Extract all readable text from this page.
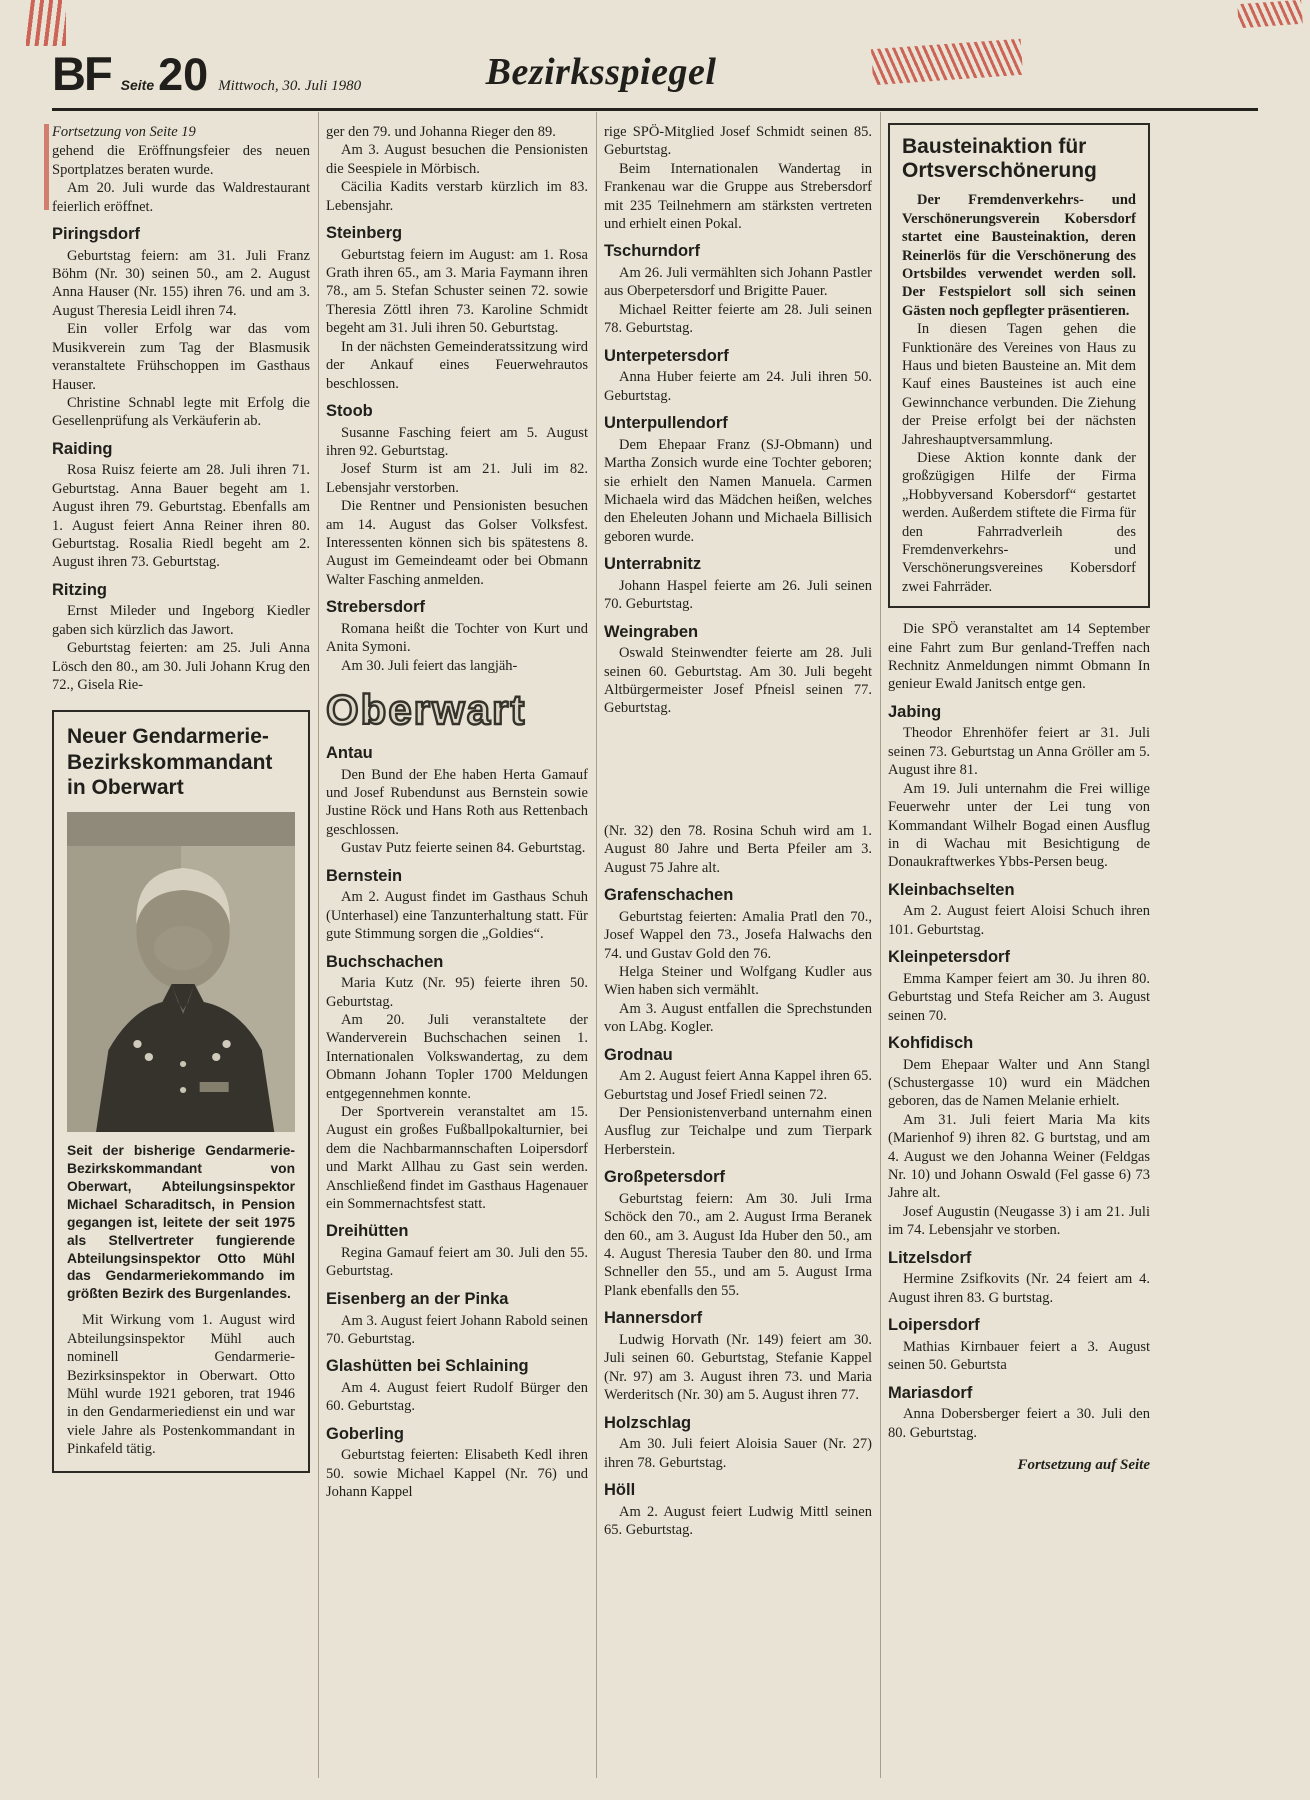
BF Seite 20 Mittwoch, 30. Juli 1980	Bezirksspiegel

Fortsetzung von Seite 19

gehend die Eröffnungsfeier des neuen Sportplatzes beraten wurde.

Am 20. Juli wurde das Waldrestaurant feierlich eröffnet.

Piringsdorf

Geburtstag feiern: am 31. Juli Franz Böhm (Nr. 30) seinen 50., am 2. August Anna Hauser (Nr. 155) ihren 76. und am 3. August Theresia Leidl ihren 74.

Ein voller Erfolg war das vom Musikverein zum Tag der Blasmusik veranstaltete Frühschoppen im Gasthaus Hauser.

Christine Schnabl legte mit Erfolg die Gesellenprüfung als Verkäuferin ab.

Raiding

Rosa Ruisz feierte am 28. Juli ihren 71. Geburtstag. Anna Bauer begeht am 1. August ihren 79. Geburtstag. Ebenfalls am 1. August feiert Anna Reiner ihren 80. Geburtstag. Rosalia Riedl begeht am 2. August ihren 73. Geburtstag.

Ritzing

Ernst Mileder und Ingeborg Kiedler gaben sich kürzlich das Jawort.

Geburtstag feierten: am 25. Juli Anna Lösch den 80., am 30. Juli Johann Krug den 72., Gisela Rie-

Neuer Gendarmerie-
Bezirkskommandant
in Oberwart

Seit der bisherige Gendarmerie-Bezirkskommandant von Oberwart, Abteilungsinspektor Michael Scharaditsch, in Pension gegangen ist, leitete der seit 1975 als Stellvertreter fungierende Abteilungsinspektor Otto Mühl das Gendarmeriekommando im größten Bezirk des Burgenlandes.

Mit Wirkung vom 1. August wird Abteilungsinspektor Mühl auch nominell Gendarmerie-Bezirksinspektor in Oberwart. Otto Mühl wurde 1921 geboren, trat 1946 in den Gendarmeriedienst ein und war viele Jahre als Postenkommandant in Pinkafeld tätig.

ger den 79. und Johanna Rieger den 89.

Am 3. August besuchen die Pensionisten die Seespiele in Mörbisch.

Cäcilia Kadits verstarb kürzlich im 83. Lebensjahr.

Steinberg

Geburtstag feiern im August: am 1. Rosa Grath ihren 65., am 3. Maria Faymann ihren 78., am 5. Stefan Schuster seinen 72. sowie Theresia Zöttl ihren 73. Karoline Schmidt begeht am 31. Juli ihren 50. Geburtstag.

In der nächsten Gemeinderatssitzung wird der Ankauf eines Feuerwehrautos beschlossen.

Stoob

Susanne Fasching feiert am 5. August ihren 92. Geburtstag.

Josef Sturm ist am 21. Juli im 82. Lebensjahr verstorben.

Die Rentner und Pensionisten besuchen am 14. August das Golser Volksfest. Interessenten können sich bis spätestens 8. August im Gemeindeamt oder bei Obmann Walter Fasching anmelden.

Strebersdorf

Romana heißt die Tochter von Kurt und Anita Symoni.

Am 30. Juli feiert das langjäh-

Oberwart
Antau

Den Bund der Ehe haben Herta Gamauf und Josef Rubendunst aus Bernstein sowie Justine Röck und Hans Roth aus Rettenbach geschlossen.

Gustav Putz feierte seinen 84. Geburtstag.

Bernstein

Am 2. August findet im Gasthaus Schuh (Unterhasel) eine Tanzunterhaltung statt. Für gute Stimmung sorgen die „Goldies“.

Buchschachen

Maria Kutz (Nr. 95) feierte ihren 50. Geburtstag.

Am 20. Juli veranstaltete der Wanderverein Buchschachen seinen 1. Internationalen Volkswandertag, zu dem Obmann Johann Topler 1700 Meldungen entgegennehmen konnte.

Der Sportverein veranstaltet am 15. August ein großes Fußballpokalturnier, bei dem die Nachbarmannschaften Loipersdorf und Markt Allhau zu Gast sein werden. Anschließend findet im Gasthaus Hagenauer ein Sommernachtsfest statt.

Dreihütten

Regina Gamauf feiert am 30. Juli den 55. Geburtstag.

Eisenberg an der Pinka

Am 3. August feiert Johann Rabold seinen 70. Geburtstag.

Glashütten bei Schlaining

Am 4. August feiert Rudolf Bürger den 60. Geburtstag.

Goberling

Geburtstag feierten: Elisabeth Kedl ihren 50. sowie Michael Kappel (Nr. 76) und Johann Kappel

rige SPÖ-Mitglied Josef Schmidt seinen 85. Geburtstag.

Beim Internationalen Wandertag in Frankenau war die Gruppe aus Strebersdorf mit 235 Teilnehmern am stärksten vertreten und erhielt einen Pokal.

Tschurndorf

Am 26. Juli vermählten sich Johann Pastler aus Oberpetersdorf und Brigitte Pauer.

Michael Reitter feierte am 28. Juli seinen 78. Geburtstag.

Unterpetersdorf

Anna Huber feierte am 24. Juli ihren 50. Geburtstag.

Unterpullendorf

Dem Ehepaar Franz (SJ-Obmann) und Martha Zonsich wurde eine Tochter geboren; sie erhielt den Namen Manuela. Carmen Michaela wird das Mädchen heißen, welches den Eheleuten Johann und Michaela Billisich geboren wurde.

Unterrabnitz

Johann Haspel feierte am 26. Juli seinen 70. Geburtstag.

Weingraben

Oswald Steinwendter feierte am 28. Juli seinen 60. Geburtstag. Am 30. Juli begeht Altbürgermeister Josef Pfneisl seinen 77. Geburtstag.

(Nr. 32) den 78. Rosina Schuh wird am 1. August 80 Jahre und Berta Pfeiler am 3. August 75 Jahre alt.

Grafenschachen

Geburtstag feierten: Amalia Pratl den 70., Josef Wappel den 73., Josefa Halwachs den 74. und Gustav Gold den 76.

Helga Steiner und Wolfgang Kudler aus Wien haben sich vermählt.

Am 3. August entfallen die Sprechstunden von LAbg. Kogler.

Grodnau

Am 2. August feiert Anna Kappel ihren 65. Geburtstag und Josef Friedl seinen 72.

Der Pensionistenverband unternahm einen Ausflug zur Teichalpe und zum Tierpark Herberstein.

Großpetersdorf

Geburtstag feiern: Am 30. Juli Irma Schöck den 70., am 2. August Irma Beranek den 60., am 3. August Ida Huber den 50., am 4. August Theresia Tauber den 80. und Irma Schneller den 55., und am 5. August Irma Plank ebenfalls den 55.

Hannersdorf

Ludwig Horvath (Nr. 149) feiert am 30. Juli seinen 60. Geburtstag, Stefanie Kappel (Nr. 97) am 3. August ihren 73. und Maria Werderitsch (Nr. 30) am 5. August ihren 77.

Holzschlag

Am 30. Juli feiert Aloisia Sauer (Nr. 27) ihren 78. Geburtstag.

Höll

Am 2. August feiert Ludwig Mittl seinen 65. Geburtstag.

Bausteinaktion für
Ortsverschönerung

Der Fremdenverkehrs- und Verschönerungsverein Kobersdorf startet eine Bausteinaktion, deren Reinerlös für die Verschönerung des Ortsbildes verwendet werden soll. Der Festspielort soll sich seinen Gästen noch gepflegter präsentieren.

In diesen Tagen gehen die Funktionäre des Vereines von Haus zu Haus und bieten Bausteine an. Mit dem Kauf eines Bausteines ist auch eine Gewinnchance verbunden. Die Ziehung der Preise erfolgt bei der nächsten Jahreshauptversammlung.

Diese Aktion konnte dank der großzügigen Hilfe der Firma „Hobbyversand Kobersdorf“ gestartet werden. Außerdem stiftete die Firma für den Fahrradverleih des Fremdenverkehrs- und Verschönerungsvereines Kobersdorf zwei Fahrräder.

Die SPÖ veranstaltet am 14 September eine Fahrt zum Bur genland-Treffen nach Rechnitz Anmeldungen nimmt Obmann In genieur Ewald Janitsch entge gen.

Jabing

Theodor Ehrenhöfer feiert ar 31. Juli seinen 73. Geburtstag un Anna Gröller am 5. August ihre 81.

Am 19. Juli unternahm die Frei willige Feuerwehr unter der Lei tung von Kommandant Wilhelr Bogad einen Ausflug in di Wachau mit Besichtigung de Donaukraftwerkes Ybbs-Persen beug.

Kleinbachselten

Am 2. August feiert Aloisi Schuch ihren 101. Geburtstag.

Kleinpetersdorf

Emma Kamper feiert am 30. Ju ihren 80. Geburtstag und Stefa Reicher am 3. August seinen 70.

Kohfidisch

Dem Ehepaar Walter und Ann Stangl (Schustergasse 10) wurd ein Mädchen geboren, das de Namen Melanie erhielt.

Am 31. Juli feiert Maria Ma kits (Marienhof 9) ihren 82. G burtstag, und am 4. August we den Johanna Weiner (Feldgas Nr. 10) und Johann Oswald (Fel gasse 6) 73 Jahre alt.

Josef Augustin (Neugasse 3) i am 21. Juli im 74. Lebensjahr ve storben.

Litzelsdorf

Hermine Zsifkovits (Nr. 24 feiert am 4. August ihren 83. G burtstag.

Loipersdorf

Mathias Kirnbauer feiert a 3. August seinen 50. Geburtsta

Mariasdorf

Anna Dobersberger feiert a 30. Juli den 80. Geburtstag.

Fortsetzung auf Seite
